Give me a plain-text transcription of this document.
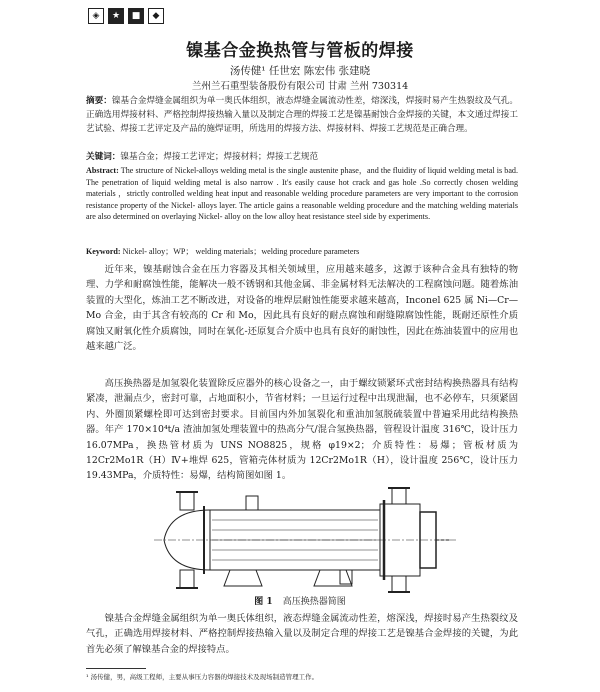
◈	★	■	◆
镍基合金换热管与管板的焊接
汤传健¹ 任世宏 陈宏伟 张建晓
兰州兰石重型装备股份有限公司 甘肃 兰州 730314
摘要：镍基合金焊缝金属组织为单一奥氏体组织，液态焊缝金属流动性差，熔深浅，焊接时易产生热裂纹及气孔。正确选用焊接材料、严格控制焊接热输入量以及制定合理的焊接工艺是镍基耐蚀合金焊接的关键，本文通过焊接工艺试验、焊接工艺评定及产品的施焊证明，所选用的焊接方法、焊接材料、焊接工艺规范是正确合理。
关键词：镍基合金；焊接工艺评定；焊接材料；焊接工艺规范
Abstract: The structure of Nickel-alloys welding metal is the single austenite phase，and the fluidity of liquid welding metal is bad. The penetration of liquid welding metal is also narrow . It's easily cause hot crack and gas hole .So correctly chosen welding materials ，strictly controlled welding heat input and reasonable welding procedure parameters are very important to the corrosion resistance property of the Nickel- alloys layer. The article gains a reasonable welding procedure and the matching welding materials are also determined on overlaying Nickel- alloy on the low alloy heat resistance steel side by experiments.
Keyword: Nickel- alloy；WP； welding materials；welding procedure parameters
近年来，镍基耐蚀合金在压力容器及其相关领域里，应用越来越多，这源于该种合金具有独特的物理、力学和耐腐蚀性能，能解决一般不锈钢和其他金属、非金属材料无法解决的工程腐蚀问题。随着炼油装置的大型化，炼油工艺不断改进，对设备的堆焊层耐蚀性能要求越来越高，Inconel 625 属 Ni—Cr—Mo 合金，由于其含有较高的 Cr 和 Mo，因此具有良好的耐点腐蚀和耐缝隙腐蚀性能，既耐还原性介质腐蚀又耐氧化性介质腐蚀，同时在氧化-还原复合介质中也具有良好的耐蚀性，因此在炼油装置中的应用也越来越广泛。
高压换热器是加氢裂化装置除反应器外的核心设备之一，由于螺纹锁紧环式密封结构换热器具有结构紧凑，泄漏点少，密封可靠，占地面积小，节省材料；一旦运行过程中出现泄漏，也不必停车，只须紧固内、外圈顶紧螺栓即可达到密封要求。目前国内外加氢裂化和重油加氢脱硫装置中普遍采用此结构换热器。年产 170×10⁴t/a 渣油加氢处理装置中的热高分气/混合氢换热器，管程设计温度 316℃，设计压力 16.07MPa，换热管材质为 UNS NO8825，规格 φ19×2；介质特性：易爆；管板材质为 12Cr2Mo1R（H）Ⅳ+堆焊 625，管箱壳体材质为 12Cr2Mo1R（H），设计温度 256℃，设计压力 19.43MPa，介质特性：易爆，结构简图如图 1。
图 1 高压换热器简图
镍基合金焊缝金属组织为单一奥氏体组织，液态焊缝金属流动性差，熔深浅，焊接时易产生热裂纹及气孔，正确选用焊接材料、严格控制焊接热输入量以及制定合理的焊接工艺是镍基合金焊接的关键，为此首先必须了解镍基合金的焊接特点。
¹ 汤传健，男，高级工程师，主要从事压力容器的焊接技术及现场制造管理工作。
